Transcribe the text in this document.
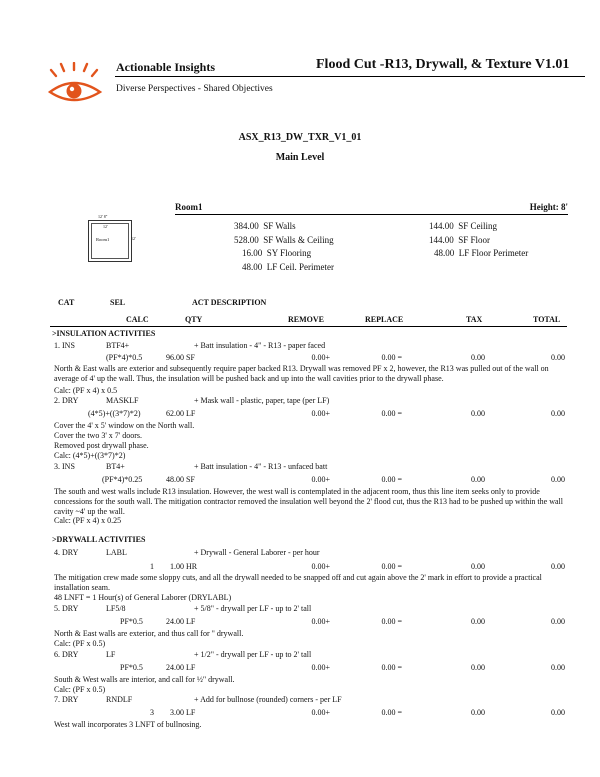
Actionable Insights
Diverse Perspectives - Shared Objectives
Flood Cut -R13, Drywall, & Texture V1.01
ASX_R13_DW_TXR_V1_01
Main Level
Room1	Height: 8'
12' 8"
12'
Room1	12'
384.00  SF Walls
528.00  SF Walls & Ceiling
16.00  SY Flooring
48.00  LF Ceil. Perimeter
144.00  SF Ceiling
144.00  SF Floor
48.00  LF Floor Perimeter
CAT	SEL	ACT DESCRIPTION
CALC	QTY	REMOVE	REPLACE	TAX	TOTAL
>INSULATION ACTIVITIES
1. INS	BTF4+	+ Batt insulation - 4" - R13 - paper faced
(PF*4)*0.5	96.00 SF	0.00+	0.00 =	0.00	0.00
North & East walls are exterior and subsequently require paper backed R13. Drywall was removed PF x 2, however, the R13 was pulled out of the wall on average of 4' up the wall. Thus, the insulation will be pushed back and up into the wall cavities prior to the drywall phase.
Calc: (PF x 4) x 0.5
2. DRY	MASKLF	+ Mask wall - plastic, paper, tape (per LF)
(4*5)+((3*7)*2)	62.00 LF	0.00+	0.00 =	0.00	0.00
Cover the 4' x 5' window on the North wall.
Cover the two 3' x 7' doors.
Removed post drywall phase.
Calc: (4*5)+((3*7)*2)
3. INS	BT4+	+ Batt insulation - 4" - R13 - unfaced batt
(PF*4)*0.25	48.00 SF	0.00+	0.00 =	0.00	0.00
The south and west walls include R13 insulation. However, the west wall is contemplated in the adjacent room, thus this line item seeks only to provide concessions for the south wall. The mitigation contractor removed the insulation well beyond the 2' flood cut, thus the R13 had to be pushed up within the wall cavity ~4' up the wall.
Calc: (PF x 4) x 0.25
>DRYWALL ACTIVITIES
4. DRY	LABL	+ Drywall - General Laborer - per hour
1 1.00 HR	0.00+	0.00 =	0.00	0.00
The mitigation crew made some sloppy cuts, and all the drywall needed to be snapped off and cut again above the 2' mark in effort to provide a practical installation seam.
48 LNFT = 1 Hour(s) of General Laborer (DRYLABL)
5. DRY	LF5/8	+ 5/8" - drywall per LF - up to 2' tall
PF*0.5	24.00 LF	0.00+	0.00 =	0.00	0.00
North & East walls are exterior, and thus call for " drywall.
Calc: (PF x 0.5)
6. DRY	LF	+ 1/2" - drywall per LF - up to 2' tall
PF*0.5	24.00 LF	0.00+	0.00 =	0.00	0.00
South & West walls are interior, and call for ½" drywall.
Calc: (PF x 0.5)
7. DRY	RNDLF	+ Add for bullnose (rounded) corners - per LF
3 3.00 LF	0.00+	0.00 =	0.00	0.00
West wall incorporates 3 LNFT of bullnosing.
